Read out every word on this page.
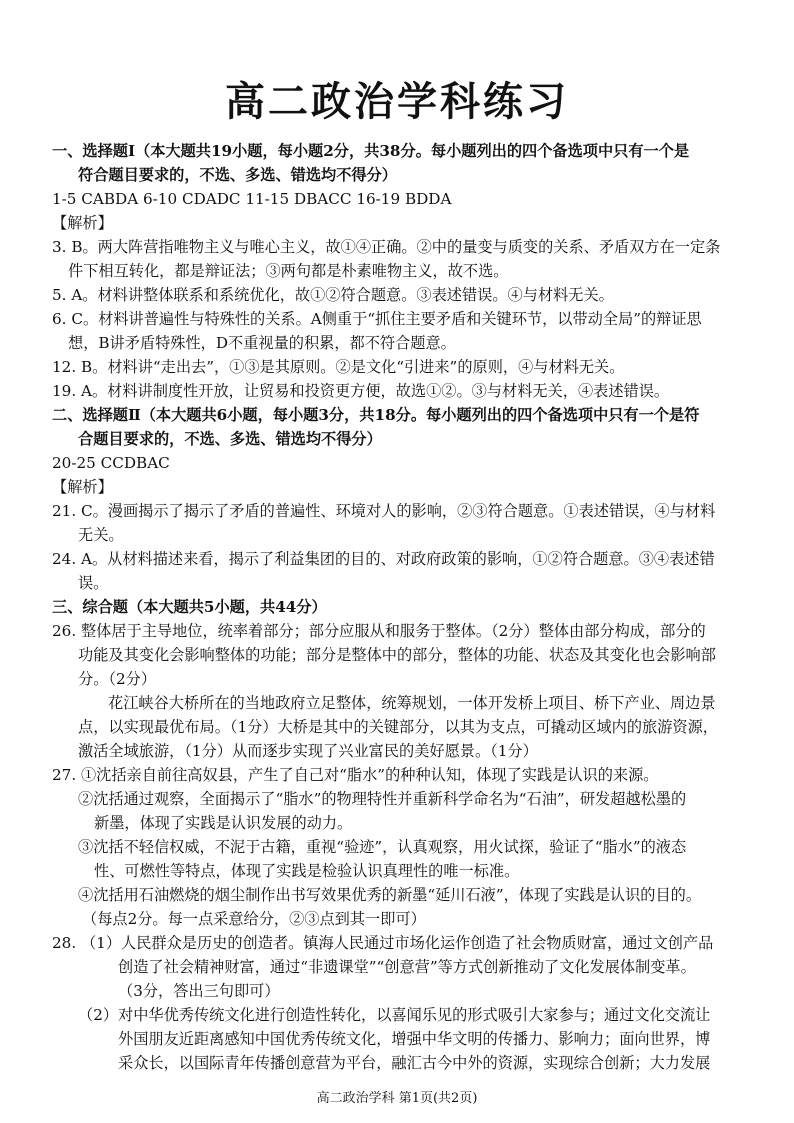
高二政治学科练习
一、选择题Ⅰ（本大题共19小题，每小题2分，共38分。每小题列出的四个备选项中只有一个是
符合题目要求的，不选、多选、错选均不得分）
1-5 CABDA 6-10 CDADC 11-15 DBACC 16-19 BDDA
【解析】
3. B。两大阵营指唯物主义与唯心主义，故①④正确。②中的量变与质变的关系、矛盾双方在一定条
件下相互转化，都是辩证法；③两句都是朴素唯物主义，故不选。
5. A。材料讲整体联系和系统优化，故①②符合题意。③表述错误。④与材料无关。
6. C。材料讲普遍性与特殊性的关系。A侧重于“抓住主要矛盾和关键环节，以带动全局”的辩证思
想，B讲矛盾特殊性，D不重视量的积累，都不符合题意。
12. B。材料讲“走出去”，①③是其原则。②是文化“引进来”的原则，④与材料无关。
19. A。材料讲制度性开放，让贸易和投资更方便，故选①②。③与材料无关，④表述错误。
二、选择题Ⅱ（本大题共6小题，每小题3分，共18分。每小题列出的四个备选项中只有一个是符
合题目要求的，不选、多选、错选均不得分）
20-25 CCDBAC
【解析】
21. C。漫画揭示了揭示了矛盾的普遍性、环境对人的影响，②③符合题意。①表述错误，④与材料
无关。
24. A。从材料描述来看，揭示了利益集团的目的、对政府政策的影响，①②符合题意。③④表述错
误。
三、综合题（本大题共5小题，共44分）
26. 整体居于主导地位，统率着部分；部分应服从和服务于整体。（2分）整体由部分构成，部分的
功能及其变化会影响整体的功能；部分是整体中的部分，整体的功能、状态及其变化也会影响部
分。（2分）
花江峡谷大桥所在的当地政府立足整体，统筹规划，一体开发桥上项目、桥下产业、周边景
点，以实现最优布局。（1分）大桥是其中的关键部分，以其为支点，可撬动区域内的旅游资源，
激活全域旅游，（1分）从而逐步实现了兴业富民的美好愿景。（1分）
27. ①沈括亲自前往高奴县，产生了自己对“脂水”的种种认知，体现了实践是认识的来源。
②沈括通过观察，全面揭示了“脂水”的物理特性并重新科学命名为“石油”，研发超越松墨的
新墨，体现了实践是认识发展的动力。
③沈括不轻信权威，不泥于古籍，重视“验迹”，认真观察，用火试探，验证了“脂水”的液态
性、可燃性等特点，体现了实践是检验认识真理性的唯一标准。
④沈括用石油燃烧的烟尘制作出书写效果优秀的新墨“延川石液”，体现了实践是认识的目的。
（每点2分。每一点采意给分，②③点到其一即可）
28. （1）人民群众是历史的创造者。镇海人民通过市场化运作创造了社会物质财富，通过文创产品
创造了社会精神财富，通过“非遗课堂”“创意营”等方式创新推动了文化发展体制变革。
（3分，答出三句即可）
（2）对中华优秀传统文化进行创造性转化，以喜闻乐见的形式吸引大家参与；通过文化交流让
外国朋友近距离感知中国优秀传统文化，增强中华文明的传播力、影响力；面向世界，博
采众长，以国际青年传播创意营为平台，融汇古今中外的资源，实现综合创新；大力发展
高二政治学科 第1页(共2页)
